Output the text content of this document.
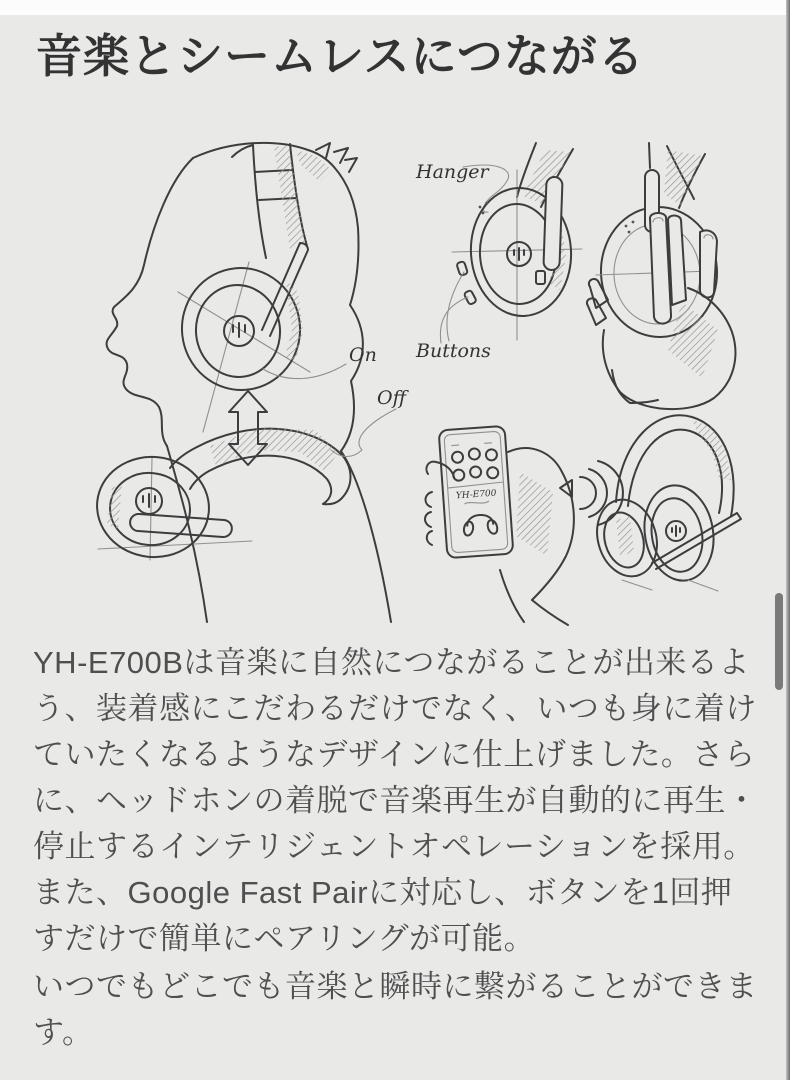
音楽とシームレスにつながる
On
Off
Hanger
Buttons
YH-E700

YH-E700Bは音楽に自然につながることが出来るよう、装着感にこだわるだけでなく、いつも身に着けていたくなるようなデザインに仕上げました。さらに、ヘッドホンの着脱で音楽再生が自動的に再生・停止するインテリジェントオペレーションを採用。また、Google Fast Pairに対応し、ボタンを1回押すだけで簡単にペアリングが可能。

いつでもどこでも音楽と瞬時に繋がることができます。
